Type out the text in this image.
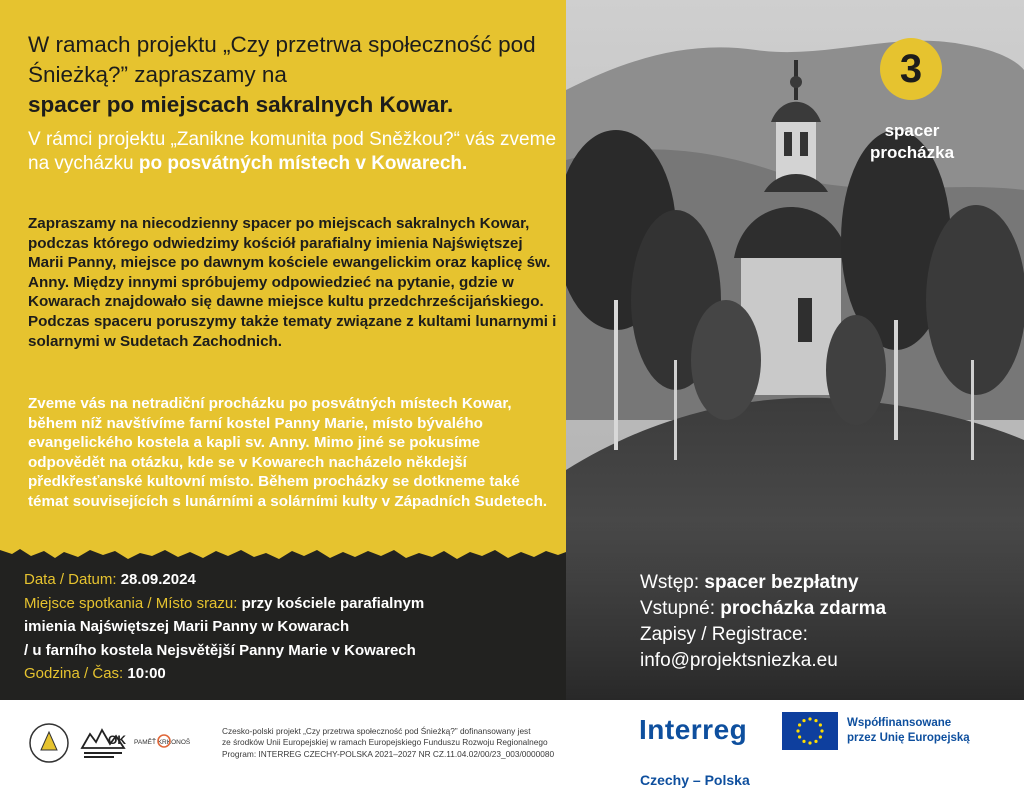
W ramach projektu „Czy przetrwa społeczność pod Śnieżką?” zapraszamy na
spacer po miejscach sakralnych Kowar.
V rámci projektu „Zanikne komunita pod Sněžkou?“ vás zveme na vycházku po posvátných místech v Kowarech.
Zapraszamy na niecodzienny spacer po miejscach sakralnych Kowar, podczas którego odwiedzimy kościół parafialny imienia Najświętszej Marii Panny, miejsce po dawnym kościele ewangelickim oraz kaplicę św. Anny. Między innymi spróbujemy odpowiedzieć na pytanie, gdzie w Kowarach znajdowało się dawne miejsce kultu przedchrześcijańskiego. Podczas spaceru poruszymy także tematy związane z kultami lunarnymi i solarnymi w Sudetach Zachodnich.
Zveme vás na netradiční procházku po posvátných místech Kowar, během níž navštívíme farní kostel Panny Marie, místo bývalého evangelického kostela a kapli sv. Anny. Mimo jiné se pokusíme odpovědět na otázku, kde se v Kowarech nacházelo někdejší předkřesťanské kultovní místo. Během procházky se dotkneme také témat souvisejících s lunárními a solárními kulty v Západních Sudetech.
Data / Datum: 28.09.2024
Miejsce spotkania / Místo srazu: przy kościele parafialnym
imienia Najświętszej Marii Panny w Kowarach
/ u farního kostela Nejsvětější Panny Marie v Kowarech
Godzina / Čas: 10:00
3
spacer
procházka
Wstęp: spacer bezpłatny
Vstupné: procházka zdarma
Zapisy / Registrace:
info@projektsniezka.eu
OK PAMĚŤ KRKONOŠ
Czesko-polski projekt „Czy przetrwa społeczność pod Śnieżką?” dofinansowany jest
ze środków Unii Europejskiej w ramach Europejskiego Funduszu Rozwoju Regionalnego
Program: INTERREG CZECHY-POLSKA 2021–2027 NR CZ.11.04.02/00/23_003/0000080
Interreg
Czechy – Polska
Współfinansowane
przez Unię Europejską
